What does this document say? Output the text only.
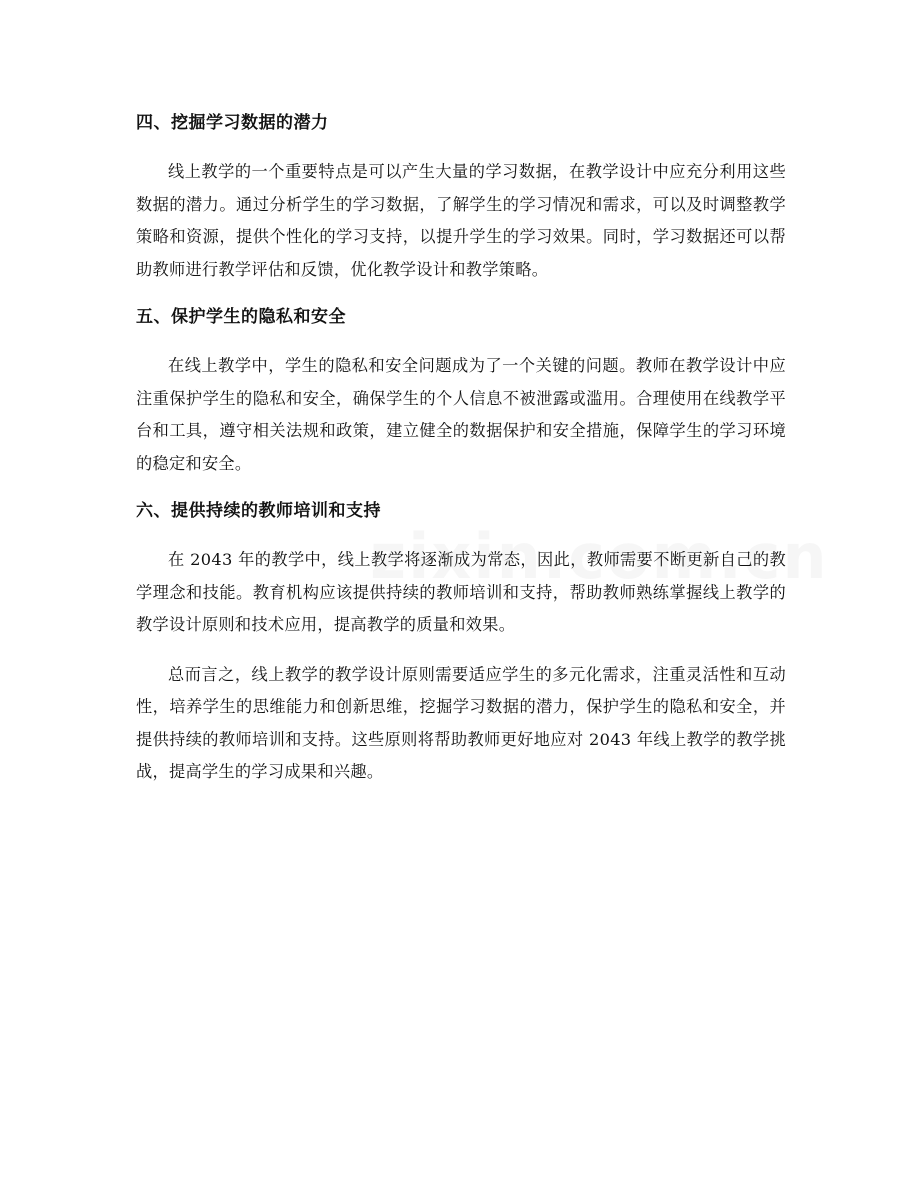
四、挖掘学习数据的潜力

线上教学的一个重要特点是可以产生大量的学习数据，在教学设计中应充分利用这些数据的潜力。通过分析学生的学习数据，了解学生的学习情况和需求，可以及时调整教学策略和资源，提供个性化的学习支持，以提升学生的学习效果。同时，学习数据还可以帮助教师进行教学评估和反馈，优化教学设计和教学策略。

五、保护学生的隐私和安全

在线上教学中，学生的隐私和安全问题成为了一个关键的问题。教师在教学设计中应注重保护学生的隐私和安全，确保学生的个人信息不被泄露或滥用。合理使用在线教学平台和工具，遵守相关法规和政策，建立健全的数据保护和安全措施，保障学生的学习环境的稳定和安全。

六、提供持续的教师培训和支持

在 2043 年的教学中，线上教学将逐渐成为常态，因此，教师需要不断更新自己的教学理念和技能。教育机构应该提供持续的教师培训和支持，帮助教师熟练掌握线上教学的教学设计原则和技术应用，提高教学的质量和效果。

总而言之，线上教学的教学设计原则需要适应学生的多元化需求，注重灵活性和互动性，培养学生的思维能力和创新思维，挖掘学习数据的潜力，保护学生的隐私和安全，并提供持续的教师培训和支持。这些原则将帮助教师更好地应对 2043 年线上教学的教学挑战，提高学生的学习成果和兴趣。
